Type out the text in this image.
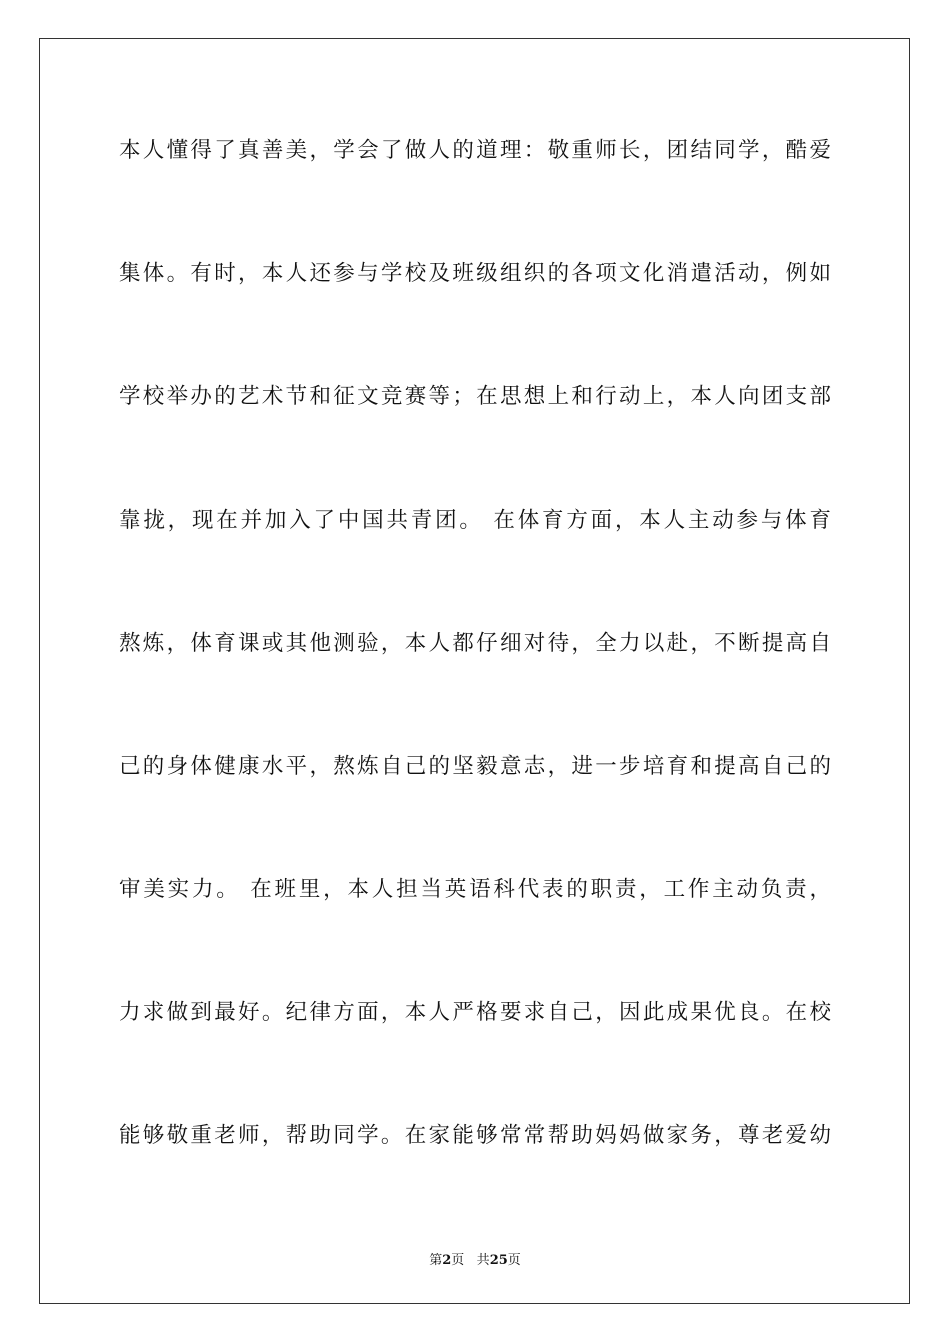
本人懂得了真善美，学会了做人的道理：敬重师长，团结同学，酷爱
集体。有时，本人还参与学校及班级组织的各项文化消遣活动，例如
学校举办的艺术节和征文竞赛等；在思想上和行动上，本人向团支部
靠拢，现在并加入了中国共青团。 在体育方面，本人主动参与体育
熬炼，体育课或其他测验，本人都仔细对待，全力以赴，不断提高自
己的身体健康水平，熬炼自己的坚毅意志，进一步培育和提高自己的
审美实力。 在班里，本人担当英语科代表的职责，工作主动负责，
力求做到最好。纪律方面，本人严格要求自己，因此成果优良。在校
能够敬重老师，帮助同学。在家能够常常帮助妈妈做家务，尊老爱幼
第2页 共25页
